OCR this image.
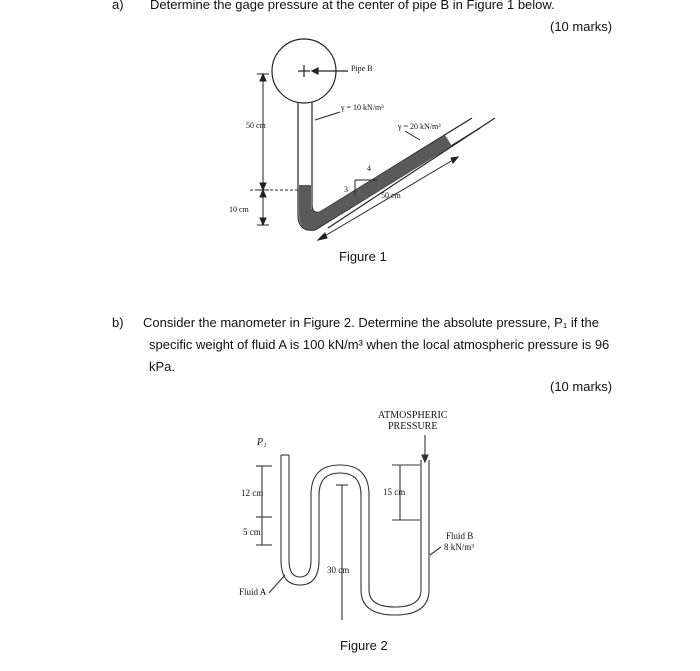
a) Determine the gage pressure at the center of pipe B in Figure 1 below.
(10 marks)
Pipe B
γ = 10 kN/m³
γ = 20 kN/m³
50 cm
10 cm
50 cm
3
4
Figure 1
b) Consider the manometer in Figure 2. Determine the absolute pressure, P₁ if the
specific weight of fluid A is 100 kN/m³ when the local atmospheric pressure is 96
kPa.
(10 marks)
ATMOSPHERIC
PRESSURE
P₁
12 cm
5 cm
30 cm
15 cm
Fluid A
Fluid B
8 kN/m³
Figure 2
